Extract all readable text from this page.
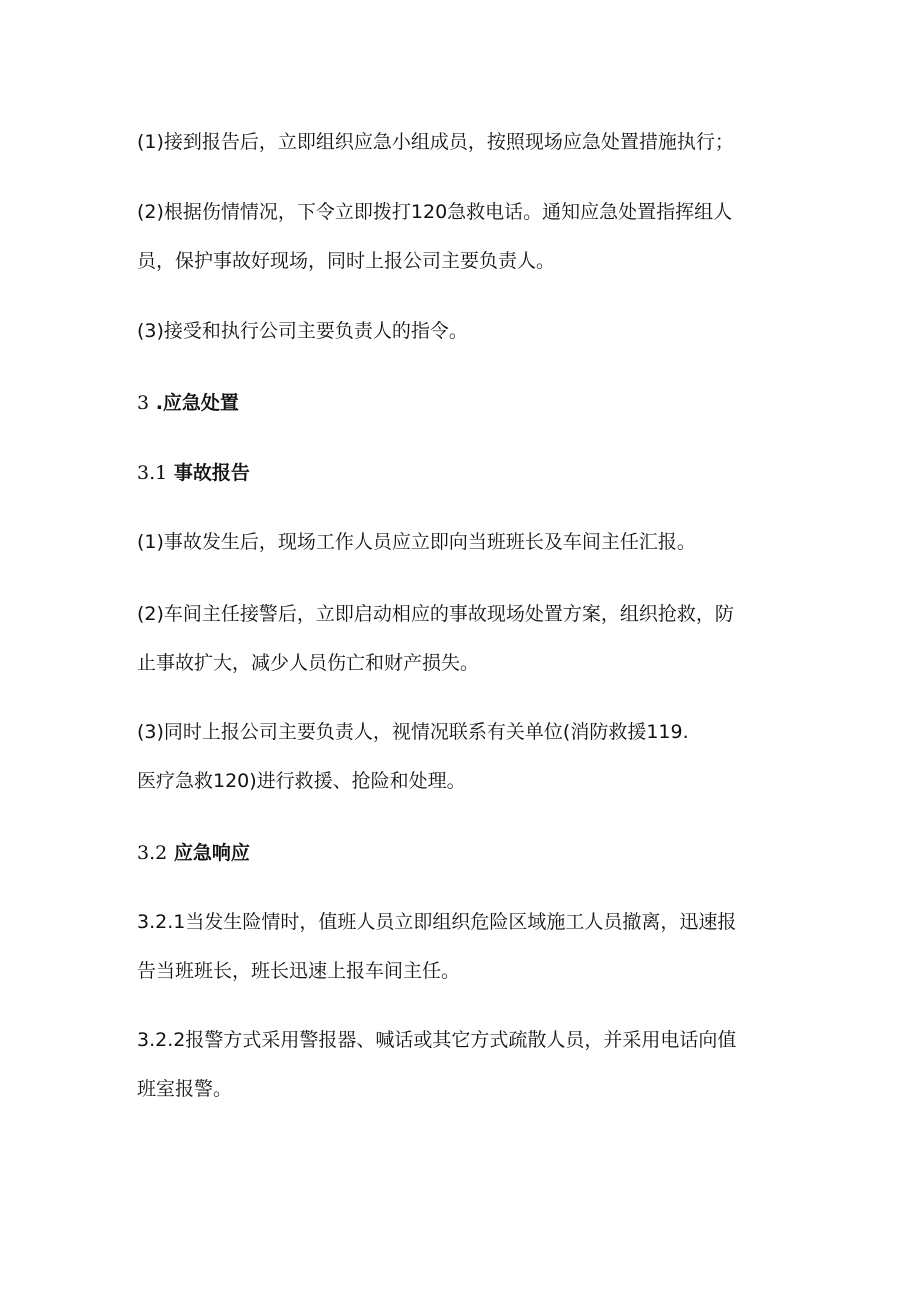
(1)接到报告后，立即组织应急小组成员，按照现场应急处置措施执行；

(2)根据伤情情况，下令立即拨打120急救电话。通知应急处置指挥组人
员，保护事故好现场，同时上报公司主要负责人。

(3)接受和执行公司主要负责人的指令。

3 .应急处置
3.1 事故报告

(1)事故发生后，现场工作人员应立即向当班班长及车间主任汇报。

(2)车间主任接警后，立即启动相应的事故现场处置方案，组织抢救，防
止事故扩大，减少人员伤亡和财产损失。

(3)同时上报公司主要负责人，视情况联系有关单位(消防救援119.
医疗急救120)进行救援、抢险和处理。

3.2 应急响应

3.2.1当发生险情时，值班人员立即组织危险区域施工人员撤离，迅速报
告当班班长，班长迅速上报车间主任。

3.2.2报警方式采用警报器、喊话或其它方式疏散人员，并采用电话向值
班室报警。
